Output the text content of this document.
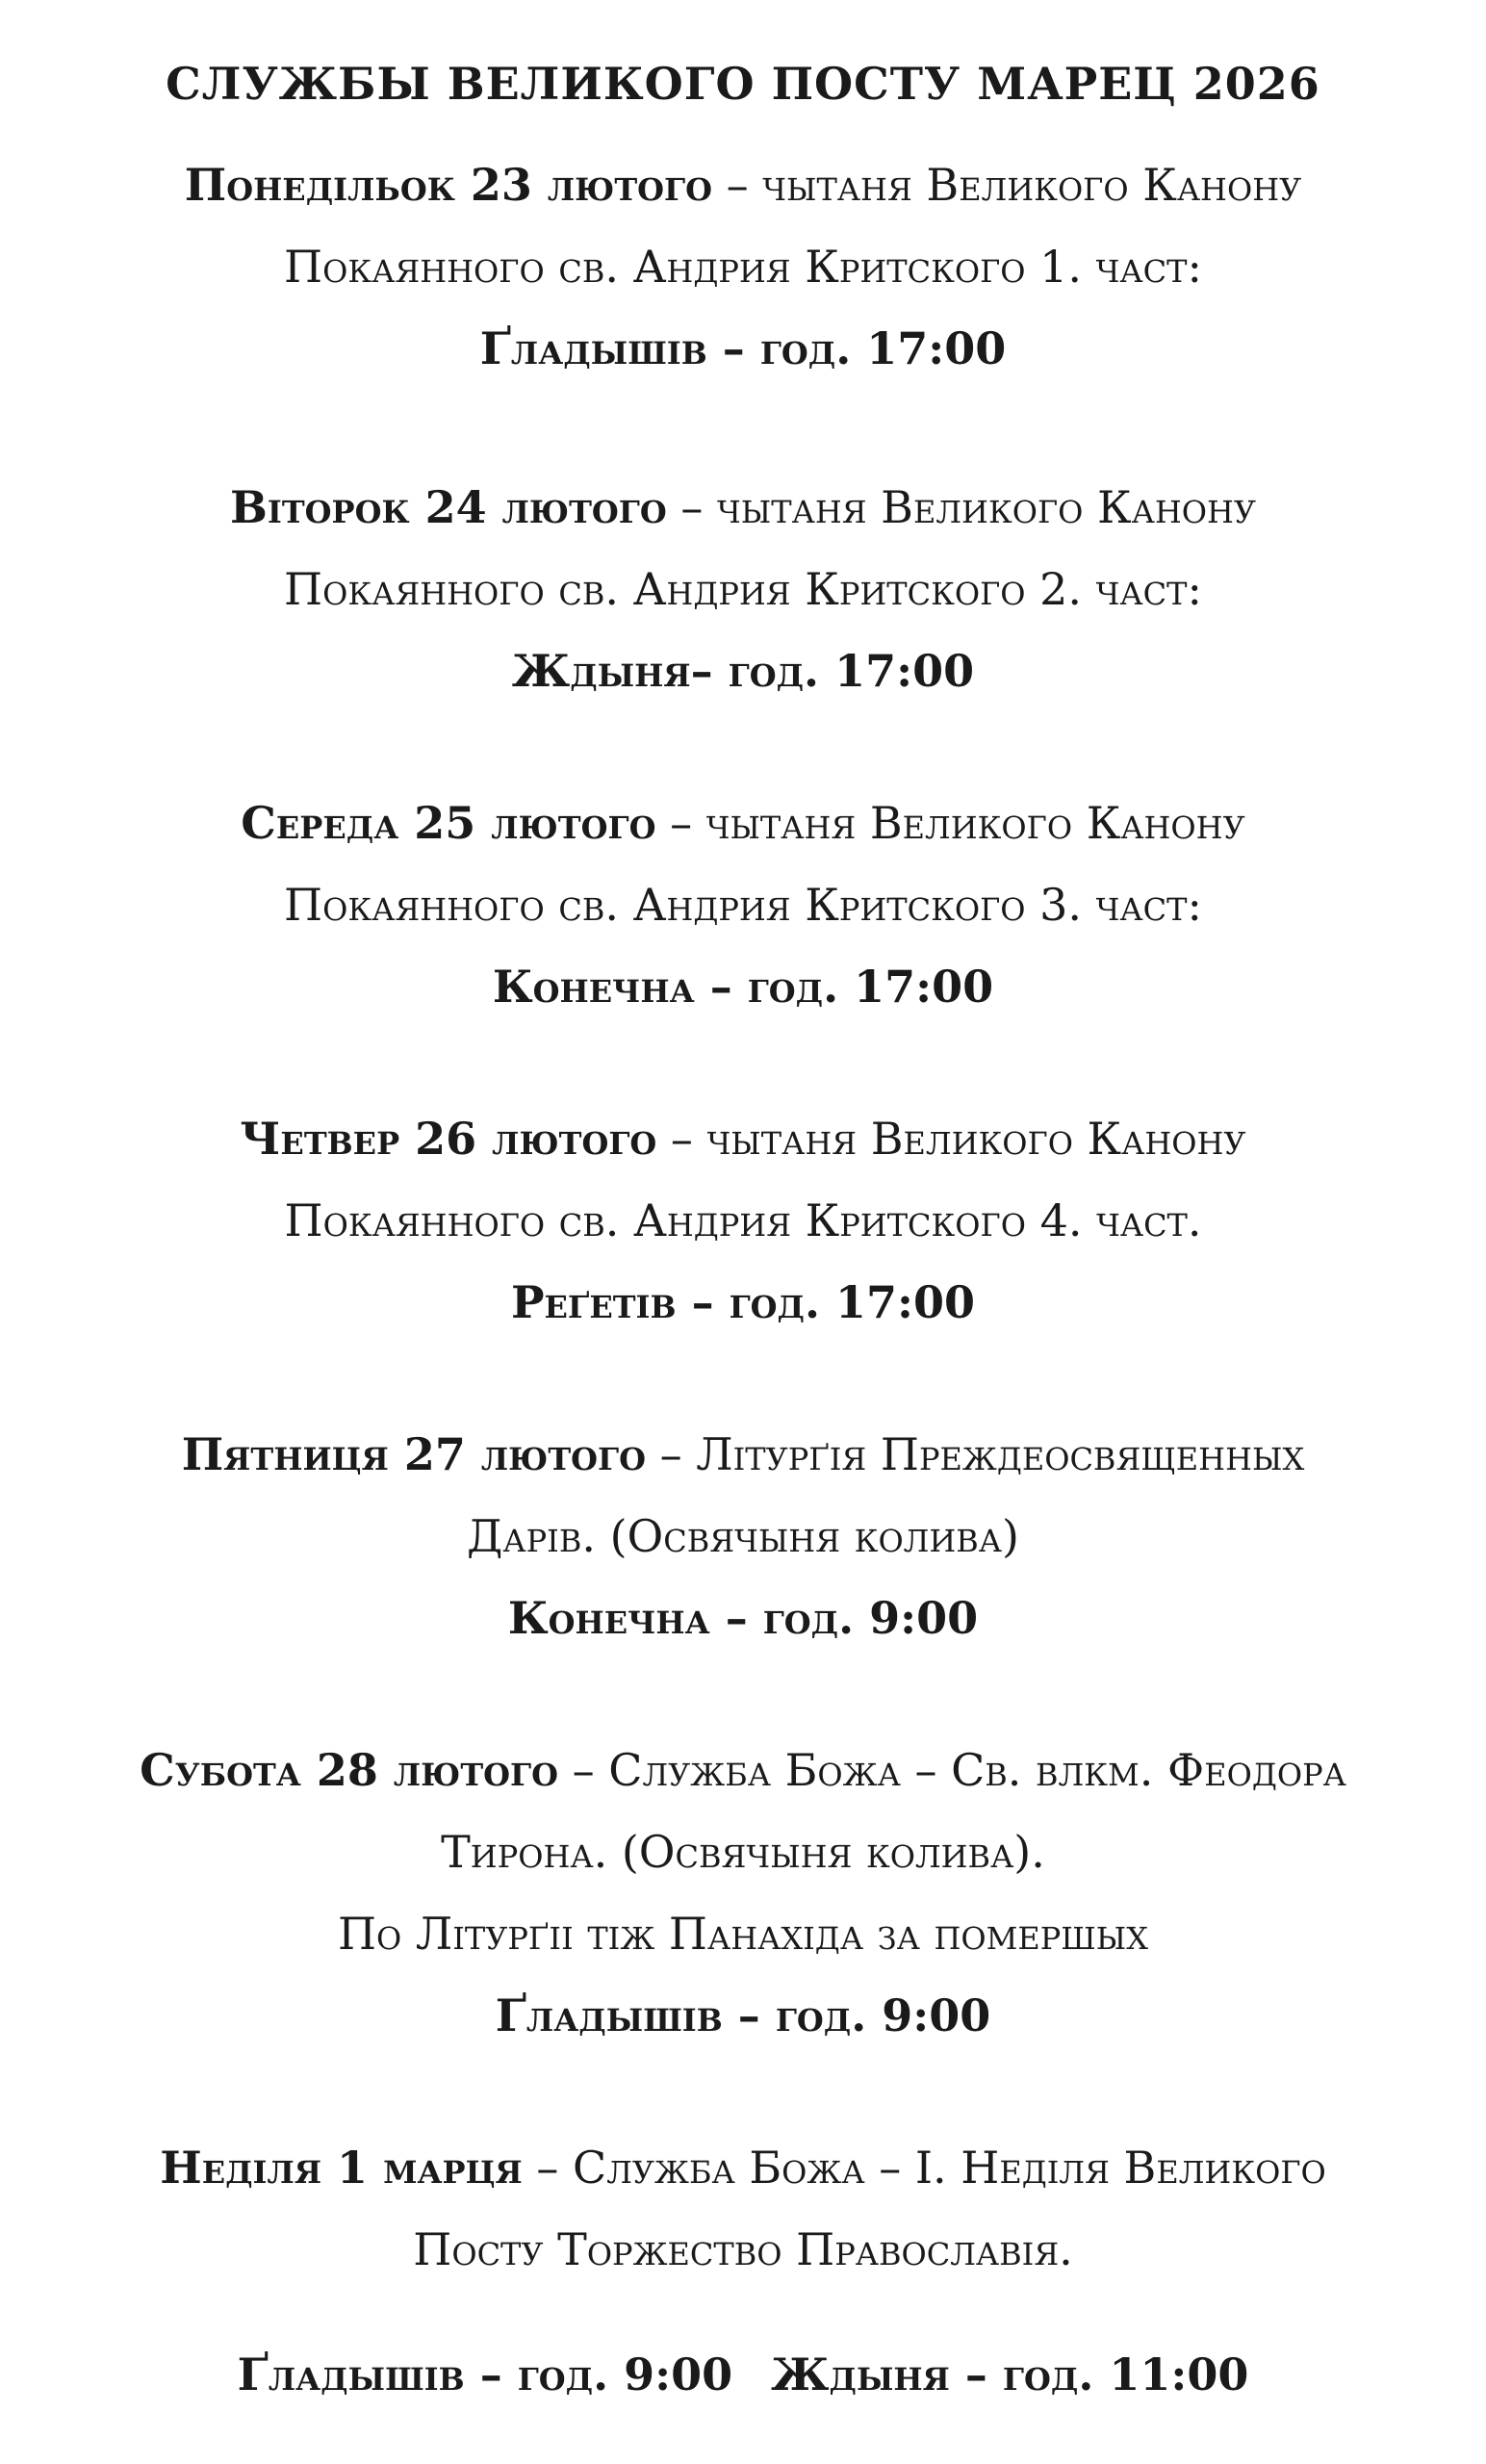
СЛУЖБЫ ВЕЛИКОГО ПОСТУ МАРЕЦ 2026
Понедільок 23 лютого – чытаня Великого Канону
Покаянного св. Андрия Критского 1. част:
Ґладышів – год. 17:00
Віторок 24 лютого – чытаня Великого Канону
Покаянного св. Андрия Критского 2. част:
Ждыня– год. 17:00
Середа 25 лютого – чытаня Великого Канону
Покаянного св. Андрия Критского 3. част:
Конечна – год. 17:00
Четвер 26 лютого – чытаня Великого Канону
Покаянного св. Андрия Критского 4. част.
Реґетів – год. 17:00
Пятниця 27 лютого – Літурґія Преждеосвященных
Дарів. (Освячыня колива)
Конечна – год. 9:00
Субота 28 лютого – Служба Божа – Св. влкм. Феодора
Тирона. (Освячыня колива).
По Літурґii тіж Панахіда за помершых
Ґладышів – год. 9:00
Неділя 1 марця – Служба Божа – I. Неділя Великого
Посту Торжество Православія.
Ґладышів – год. 9:00 Ждыня – год. 11:00
